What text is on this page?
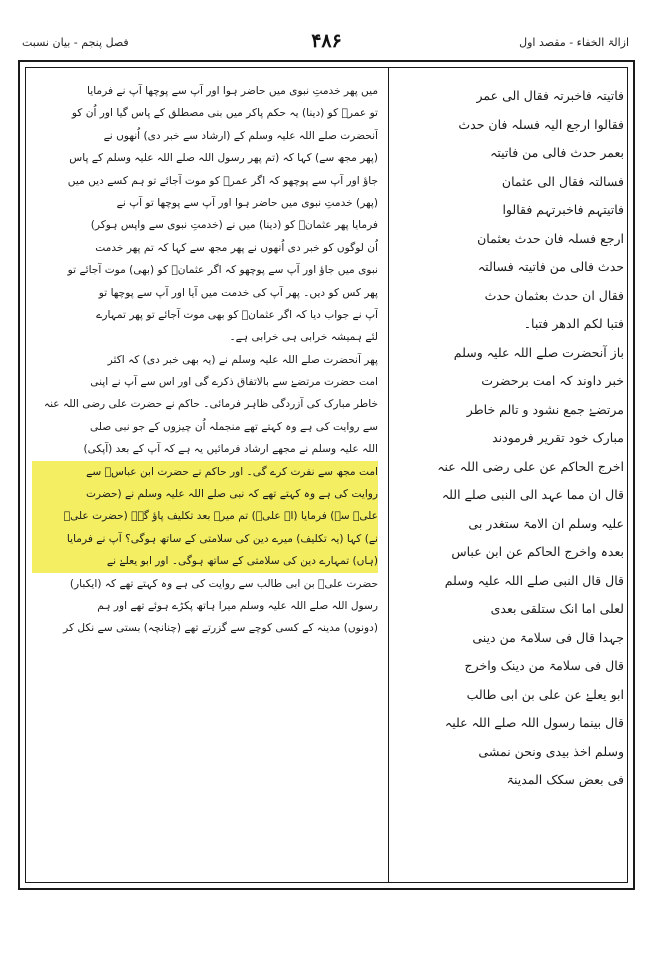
ازالۃ الخفاء - مقصد اول
۴۸۶
فصل پنجم - بیان نسبت

میں پھر خدمتِ نبوی میں حاضر ہوا اور آپ سے پوچھا آپ نے فرمایا

تو عمرؓ کو (دینا) یہ حکم پاکر میں بنی مصطلق کے پاس گیا اور اُن کو

آنحضرت صلے اللہ علیہ وسلم کے (ارشاد سے خبر دی) اُنھوں نے

(پھر مجھ سے) کہا کہ (تم پھر رسول اللہ صلے اللہ علیہ وسلم کے پاس

جاؤ اور آپ سے پوچھو کہ اگر عمرؓ کو موت آجائے تو ہم کسے دیں میں

(پھر) خدمتِ نبوی میں حاضر ہوا اور آپ سے پوچھا تو آپ نے

فرمایا پھر عثمانؓ کو (دینا) میں نے (خدمتِ نبوی سے واپس ہوکر)

اُن لوگوں کو خبر دی اُنھوں نے پھر مجھ سے کہا کہ تم پھر خدمت

نبوی میں جاؤ اور آپ سے پوچھو کہ اگر عثمانؓ کو (بھی) موت آجائے تو

پھر کس کو دیں۔ پھر آپ کی خدمت میں آیا اور آپ سے پوچھا تو

آپ نے جواب دیا کہ اگر عثمانؓ کو بھی موت آجائے تو پھر تمہارے

لئے ہمیشہ خرابی ہی خرابی ہے۔

پھر آنحضرت صلے اللہ علیہ وسلم نے (یہ بھی خبر دی) کہ اکثر

امت حضرت مرتضےٰ سے بالاتفاق ذکرے گی اور اس سے آپ نے اپنی

خاطر مبارک کی آزردگی ظاہر فرمائی۔ حاکم نے حضرت علی رضی اللہ عنہ

سے روایت کی ہے وہ کہتے تھے منجملہ اُن چیزوں کے جو نبی صلی

اللہ علیہ وسلم نے مجھے ارشاد فرمائیں یہ ہے کہ آپ کے بعد (آپکی)

امت مجھ سے نفرت کرے گی۔ اور حاکم نے حضرت ابن عباسؓ سے

روایت کی ہے وہ کہتے تھے کہ نبی صلے اللہ علیہ وسلم نے (حضرت

علیؓ سے) فرمایا (اے علیؓ) تم میرے بعد تکلیف پاؤ گے۔ (حضرت علیؓ

نے) کہا (یہ تکلیف) میرے دین کی سلامتی کے ساتھ ہوگی؟ آپ نے فرمایا

(ہاں) تمہارے دین کی سلامتی کے ساتھ ہوگی۔ اور ابو یعلےٰ نے

حضرت علیؓ بن ابی طالب سے روایت کی ہے وہ کہتے تھے کہ (ایکبار)

رسول اللہ صلے اللہ علیہ وسلم میرا ہاتھ پکڑے ہوئے تھے اور ہم

(دونوں) مدینہ کے کسی کوچے سے گزرتے تھے (چنانچہ) بستی سے نکل کر

فاتیتہ فاخبرتہ فقال الی عمر

فقالوا ارجع الیہ فسلہ فان حدث

بعمر حدث فالی من فاتیتہ

فسالتہ فقال الی عثمان

فاتیتہم فاخبرتہم فقالوا

ارجع فسلہ فان حدث بعثمان

حدث فالی من فاتیتہ فسالتہ

فقال ان حدث بعثمان حدث

فتبا لکم الدھر فتبا۔

باز آنحضرت صلے اللہ علیہ وسلم

خبر داوند کہ امت برحضرت

مرتضےٰ جمع نشود و تالم خاطر

مبارک خود تقریر فرمودند

اخرج الحاکم عن علی رضی اللہ عنہ

قال ان مما عہد الی النبی صلے اللہ

علیہ وسلم ان الامۃ ستغدر بی

بعدہ واخرج الحاکم عن ابن عباس

قال قال النبی صلے اللہ علیہ وسلم

لعلی اما انک ستلقی بعدی

جہدا قال فی سلامۃ من دینی

قال فی سلامۃ من دینک واخرج

ابو یعلےٰ عن علی بن ابی طالب

قال بینما رسول اللہ صلے اللہ علیہ

وسلم اخذ بیدی ونحن نمشی

فی بعض سکک المدینۃ
